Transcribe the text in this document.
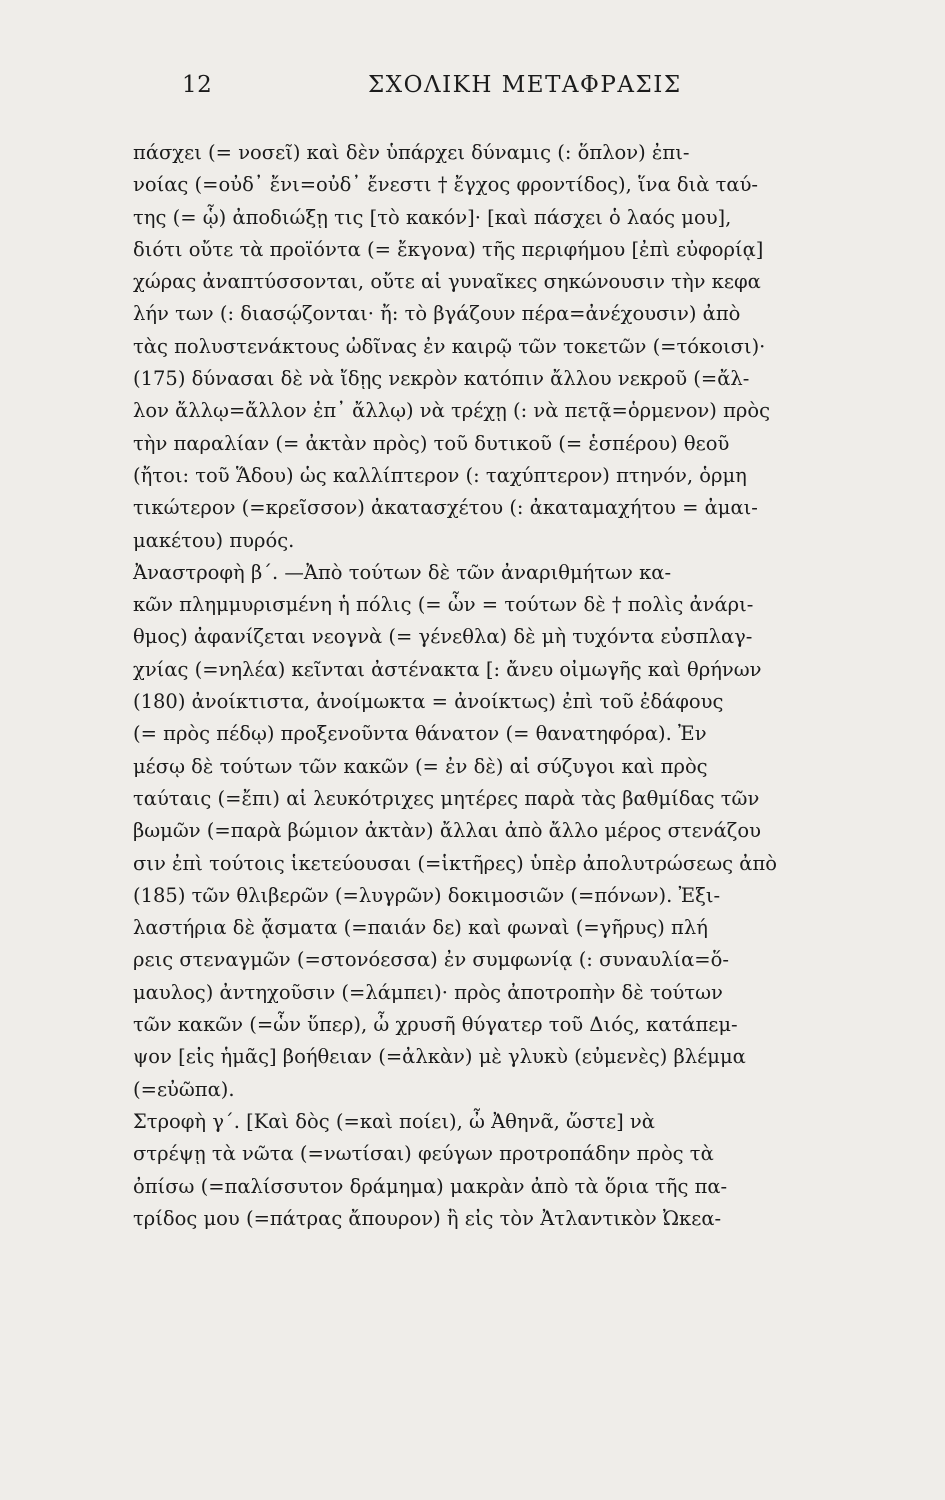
12	ΣΧΟΛΙΚΗ ΜΕΤΑΦΡΑΣΙΣ
πάσχει (= νοσεῖ) καὶ δὲν ὑπάρχει δύναμις (: ὅπλον) ἐπι-
νοίας (=οὐδ᾽ ἔνι=οὐδ᾽ ἔνεστι † ἔγχος φροντίδος), ἵνα διὰ ταύ-
της (= ᾧ) ἀποδιώξῃ τις [τὸ κακόν]· [καὶ πάσχει ὁ λαός μου],
διότι οὔτε τὰ προϊόντα (= ἔκγονα) τῆς περιφήμου [ἐπὶ εὐφορίᾳ]
χώρας ἀναπτύσσονται, οὔτε αἱ γυναῖκες σηκώνουσιν τὴν κεφα
λήν των (: διασῴζονται· ἤ: τὸ βγάζουν πέρα=ἀνέχουσιν) ἀπὸ
τὰς πολυστενάκτους ὠδῖνας ἐν καιρῷ τῶν τοκετῶν (=τόκοισι)·
(175) δύνασαι δὲ νὰ ἴδῃς νεκρὸν κατόπιν ἄλλου νεκροῦ (=ἄλ-
λον ἄλλῳ=ἄλλον ἐπ᾽ ἄλλῳ) νὰ τρέχῃ (: νὰ πετᾷ=ὁρμενον) πρὸς
τὴν παραλίαν (= ἀκτὰν πρὸς) τοῦ δυτικοῦ (= ἑσπέρου) θεοῦ
(ἤτοι: τοῦ Ἅδου) ὡς καλλίπτερον (: ταχύπτερον) πτηνόν, ὁρμη
τικώτερον (=κρεῖσσον) ἀκατασχέτου (: ἀκαταμαχήτου = ἀμαι-
μακέτου) πυρός.
Ἀναστροφὴ β΄. —Ἀπὸ τούτων δὲ τῶν ἀναριθμήτων κα-
κῶν πλημμυρισμένη ἡ πόλις (= ὧν = τούτων δὲ † πολὶς ἀνάρι-
θμος) ἀφανίζεται νεογνὰ (= γένεθλα) δὲ μὴ τυχόντα εὐσπλαγ-
χνίας (=νηλέα) κεῖνται ἀστένακτα [: ἄνευ οἰμωγῆς καὶ θρήνων
(180) ἀνοίκτιστα, ἀνοίμωκτα = ἀνοίκτως) ἐπὶ τοῦ ἐδάφους
(= πρὸς πέδῳ) προξενοῦντα θάνατον (= θανατηφόρα). Ἐν
μέσῳ δὲ τούτων τῶν κακῶν (= ἐν δὲ) αἱ σύζυγοι καὶ πρὸς
ταύταις (=ἔπι) αἱ λευκότριχες μητέρες παρὰ τὰς βαθμίδας τῶν
βωμῶν (=παρὰ βώμιον ἀκτὰν) ἄλλαι ἀπὸ ἄλλο μέρος στενάζου
σιν ἐπὶ τούτοις ἱκετεύουσαι (=ἱκτῆρες) ὑπὲρ ἀπολυτρώσεως ἀπὸ
(185) τῶν θλιβερῶν (=λυγρῶν) δοκιμοσιῶν (=πόνων). Ἐξι-
λαστήρια δὲ ᾄσματα (=παιάν δε) καὶ φωναὶ (=γῆρυς) πλή
ρεις στεναγμῶν (=στονόεσσα) ἐν συμφωνίᾳ (: συναυλία=ὅ-
μαυλος) ἀντηχοῦσιν (=λάμπει)· πρὸς ἀποτροπὴν δὲ τούτων
τῶν κακῶν (=ὧν ὕπερ), ὦ χρυσῆ θύγατερ τοῦ Διός, κατάπεμ-
ψον [εἰς ἡμᾶς] βοήθειαν (=ἀλκὰν) μὲ γλυκὺ (εὐμενὲς) βλέμμα
(=εὐῶπα).
Στροφὴ γ΄. [Καὶ δὸς (=καὶ ποίει), ὦ Ἀθηνᾶ, ὥστε] νὰ
στρέψῃ τὰ νῶτα (=νωτίσαι) φεύγων προτροπάδην πρὸς τὰ
ὀπίσω (=παλίσσυτον δράμημα) μακρὰν ἀπὸ τὰ ὅρια τῆς πα-
τρίδος μου (=πάτρας ἄπουρον) ἢ εἰς τὸν Ἀτλαντικὸν Ὠκεα-
